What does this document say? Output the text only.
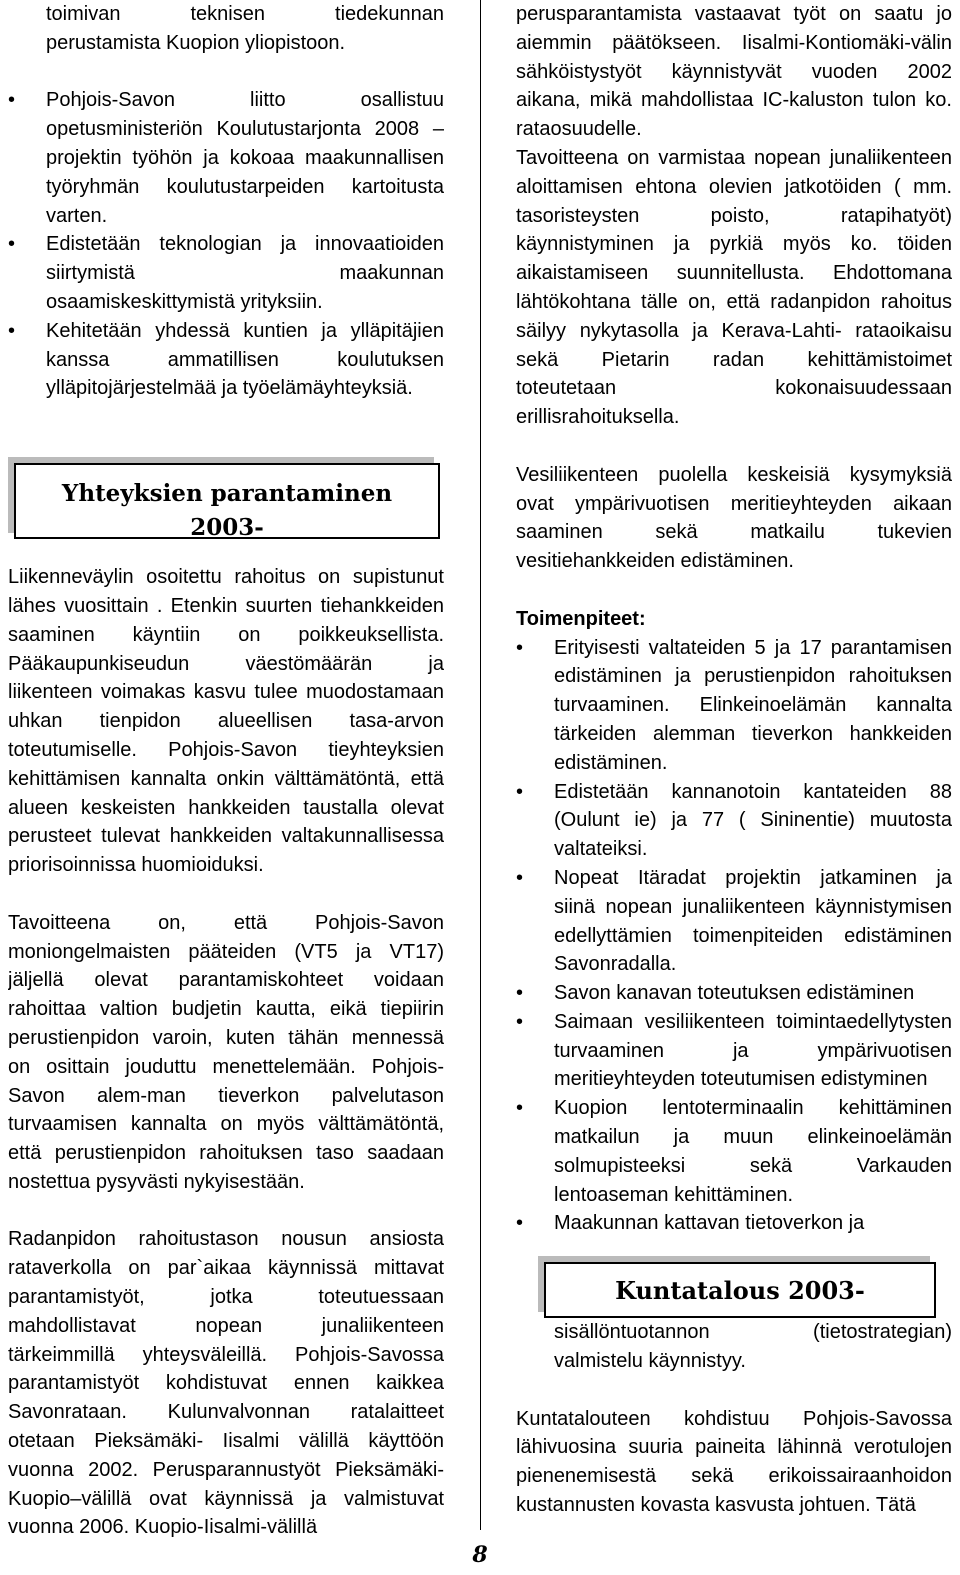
toimivan teknisen tiedekunnan
perustamista Kuopion yliopistoon.
• Pohjois-Savon liitto osallistuu
opetusministeriön Koulutustarjonta 2008 –
projektin työhön ja kokoaa maakunnallisen
työryhmän koulutustarpeiden kartoitusta
varten.
• Edistetään teknologian ja innovaatioiden
siirtymistä maakunnan
osaamiskeskittymistä yrityksiin.
• Kehitetään yhdessä kuntien ja ylläpitäjien
kanssa ammatillisen koulutuksen
ylläpitojärjestelmää ja työelämäyhteyksiä.
Yhteyksien parantaminen
2003-
Liikenneväylin osoitettu rahoitus on supistunut
lähes vuosittain . Etenkin suurten tiehankkeiden
saaminen käyntiin on poikkeuksellista.
Pääkaupunkiseudun väestömäärän ja
liikenteen voimakas kasvu tulee muodostamaan
uhkan tienpidon alueellisen tasa-arvon
toteutumiselle. Pohjois-Savon tieyhteyksien
kehittämisen kannalta onkin välttämätöntä, että
alueen keskeisten hankkeiden taustalla olevat
perusteet tulevat hankkeiden valtakunnallisessa
priorisoinnissa huomioiduksi.
Tavoitteena on, että Pohjois-Savon
moniongelmaisten pääteiden (VT5 ja VT17)
jäljellä olevat parantamiskohteet voidaan
rahoittaa valtion budjetin kautta, eikä tiepiirin
perustienpidon varoin, kuten tähän mennessä
on osittain jouduttu menettelemään. Pohjois-
Savon alem-man tieverkon palvelutason
turvaamisen kannalta on myös välttämätöntä,
että perustienpidon rahoituksen taso saadaan
nostettua pysyvästi nykyisestään.
Radanpidon rahoitustason nousun ansiosta
rataverkolla on par`aikaa käynnissä mittavat
parantamistyöt, jotka toteutuessaan
mahdollistavat nopean junaliikenteen
tärkeimmillä yhteysväleillä. Pohjois-Savossa
parantamistyöt kohdistuvat ennen kaikkea
Savonrataan. Kulunvalvonnan ratalaitteet
otetaan Pieksämäki- Iisalmi välillä käyttöön
vuonna 2002. Perusparannustyöt Pieksämäki-
Kuopio–välillä ovat käynnissä ja valmistuvat
vuonna 2006. Kuopio-Iisalmi-välillä
perusparantamista vastaavat työt on saatu jo
aiemmin päätökseen. Iisalmi-Kontiomäki-välin
sähköistystyöt käynnistyvät vuoden 2002
aikana, mikä mahdollistaa IC-kaluston tulon ko.
rataosuudelle.
Tavoitteena on varmistaa nopean junaliikenteen
aloittamisen ehtona olevien jatkotöiden ( mm.
tasoristeysten poisto, ratapihatyöt)
käynnistyminen ja pyrkiä myös ko. töiden
aikaistamiseen suunnitellusta. Ehdottomana
lähtökohtana tälle on, että radanpidon rahoitus
säilyy nykytasolla ja Kerava-Lahti- rataoikaisu
sekä Pietarin radan kehittämistoimet
toteutetaan kokonaisuudessaan
erillisrahoituksella.
Vesiliikenteen puolella keskeisiä kysymyksiä
ovat ympärivuotisen meritieyhteyden aikaan
saaminen sekä matkailu tukevien
vesitiehankkeiden edistäminen.
Toimenpiteet:
• Erityisesti valtateiden 5 ja 17 parantamisen
edistäminen ja perustienpidon rahoituksen
turvaaminen. Elinkeinoelämän kannalta
tärkeiden alemman tieverkon hankkeiden
edistäminen.
• Edistetään kannanotoin kantateiden 88
(Oulunt ie) ja 77 ( Sininentie) muutosta
valtateiksi.
• Nopeat Itäradat projektin jatkaminen ja
siinä nopean junaliikenteen käynnistymisen
edellyttämien toimenpiteiden edistäminen
Savonradalla.
• Savon kanavan toteutuksen edistäminen
• Saimaan vesiliikenteen toimintaedellytysten
turvaaminen ja ympärivuotisen
meritieyhteyden toteutumisen edistyminen
• Kuopion lentoterminaalin kehittäminen
matkailun ja muun elinkeinoelämän
solmupisteeksi sekä Varkauden
lentoaseman kehittäminen.
• Maakunnan kattavan tietoverkon ja
Kuntatalous 2003-
sisällöntuotannon (tietostrategian)
valmistelu käynnistyy.
Kuntatalouteen kohdistuu Pohjois-Savossa
lähivuosina suuria paineita lähinnä verotulojen
pienenemisestä sekä erikoissairaanhoidon
kustannusten kovasta kasvusta johtuen. Tätä
8
